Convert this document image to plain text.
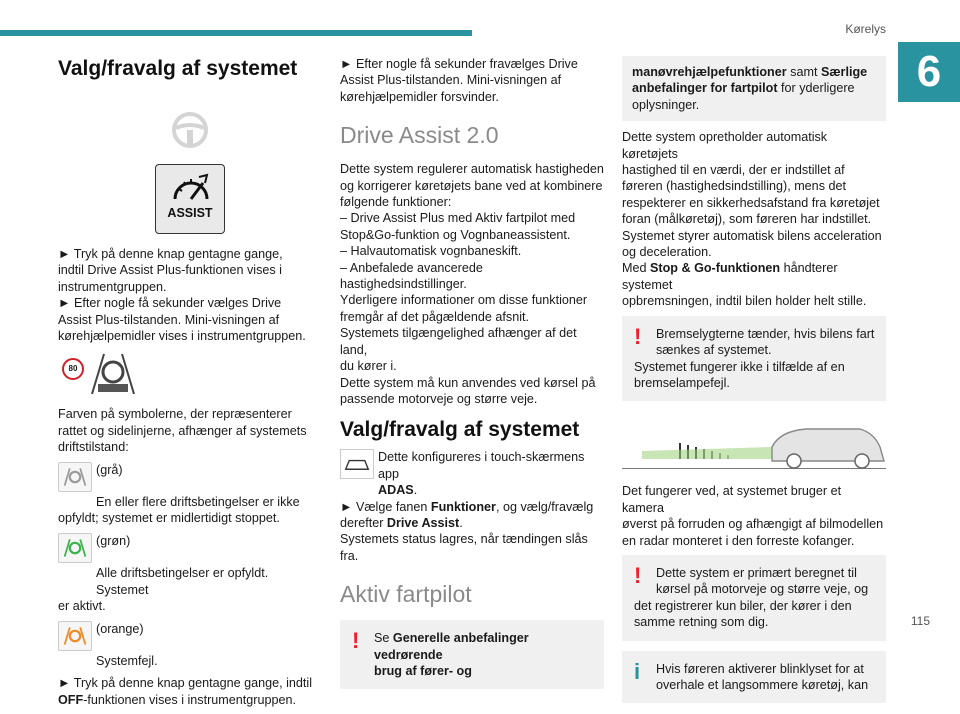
Kørelys
6
Valg/fravalg af systemet
ASSIST

► Tryk på denne knap gentagne gange,
indtil Drive Assist Plus-funktionen vises i
instrumentgruppen.
► Efter nogle få sekunder vælges Drive
Assist Plus-tilstanden. Mini-visningen af
kørehjælpemidler vises i instrumentgruppen.

80

Farven på symbolerne, der repræsenterer
rattet og sidelinjerne, afhænger af systemets
driftstilstand:

(grå)

En eller flere driftsbetingelser er ikke

opfyldt; systemet er midlertidigt stoppet.

(grøn)

Alle driftsbetingelser er opfyldt. Systemet

er aktivt.

(orange)

Systemfejl.

► Tryk på denne knap gentagne gange, indtil
OFF-funktionen vises i instrumentgruppen.

► Efter nogle få sekunder fravælges Drive
Assist Plus-tilstanden. Mini-visningen af
kørehjælpemidler forsvinder.

Drive Assist 2.0

Dette system regulerer automatisk hastigheden
og korrigerer køretøjets bane ved at kombinere
følgende funktioner:
– Drive Assist Plus med Aktiv fartpilot med
Stop&Go-funktion og Vognbaneassistent.
– Halvautomatisk vognbaneskift.
– Anbefalede avancerede
hastighedsindstillinger.
Yderligere informationer om disse funktioner
fremgår af det pågældende afsnit.
Systemets tilgængelighed afhænger af det land,
du kører i.
Dette system må kun anvendes ved kørsel på
passende motorveje og større veje.

Valg/fravalg af systemet
Dette konfigureres i touch-skærmens app
ADAS.

► Vælge fanen Funktioner, og vælg/fravælg
derefter Drive Assist.
Systemets status lagres, når tændingen slås fra.

Aktiv fartpilot
! Se Generelle anbefalinger vedrørende
brug af fører- og
manøvrehjælpefunktioner samt Særlige
anbefalinger for fartpilot for yderligere
oplysninger.

Dette system opretholder automatisk køretøjets
hastighed til en værdi, der er indstillet af
føreren (hastighedsindstilling), mens det
respekterer en sikkerhedsafstand fra køretøjet
foran (målkøretøj), som føreren har indstillet.
Systemet styrer automatisk bilens acceleration
og deceleration.
Med Stop & Go-funktionen håndterer systemet
opbremsningen, indtil bilen holder helt stille.

! Bremselygterne tænder, hvis bilens fart
sænkes af systemet.
Systemet fungerer ikke i tilfælde af en
bremselampefejl.

Det fungerer ved, at systemet bruger et kamera
øverst på forruden og afhængigt af bilmodellen
en radar monteret i den forreste kofanger.

! Dette system er primært beregnet til
kørsel på motorveje og større veje, og
det registrerer kun biler, der kører i den
samme retning som dig.
i Hvis føreren aktiverer blinklyset for at
overhale et langsommere køretøj, kan
115
